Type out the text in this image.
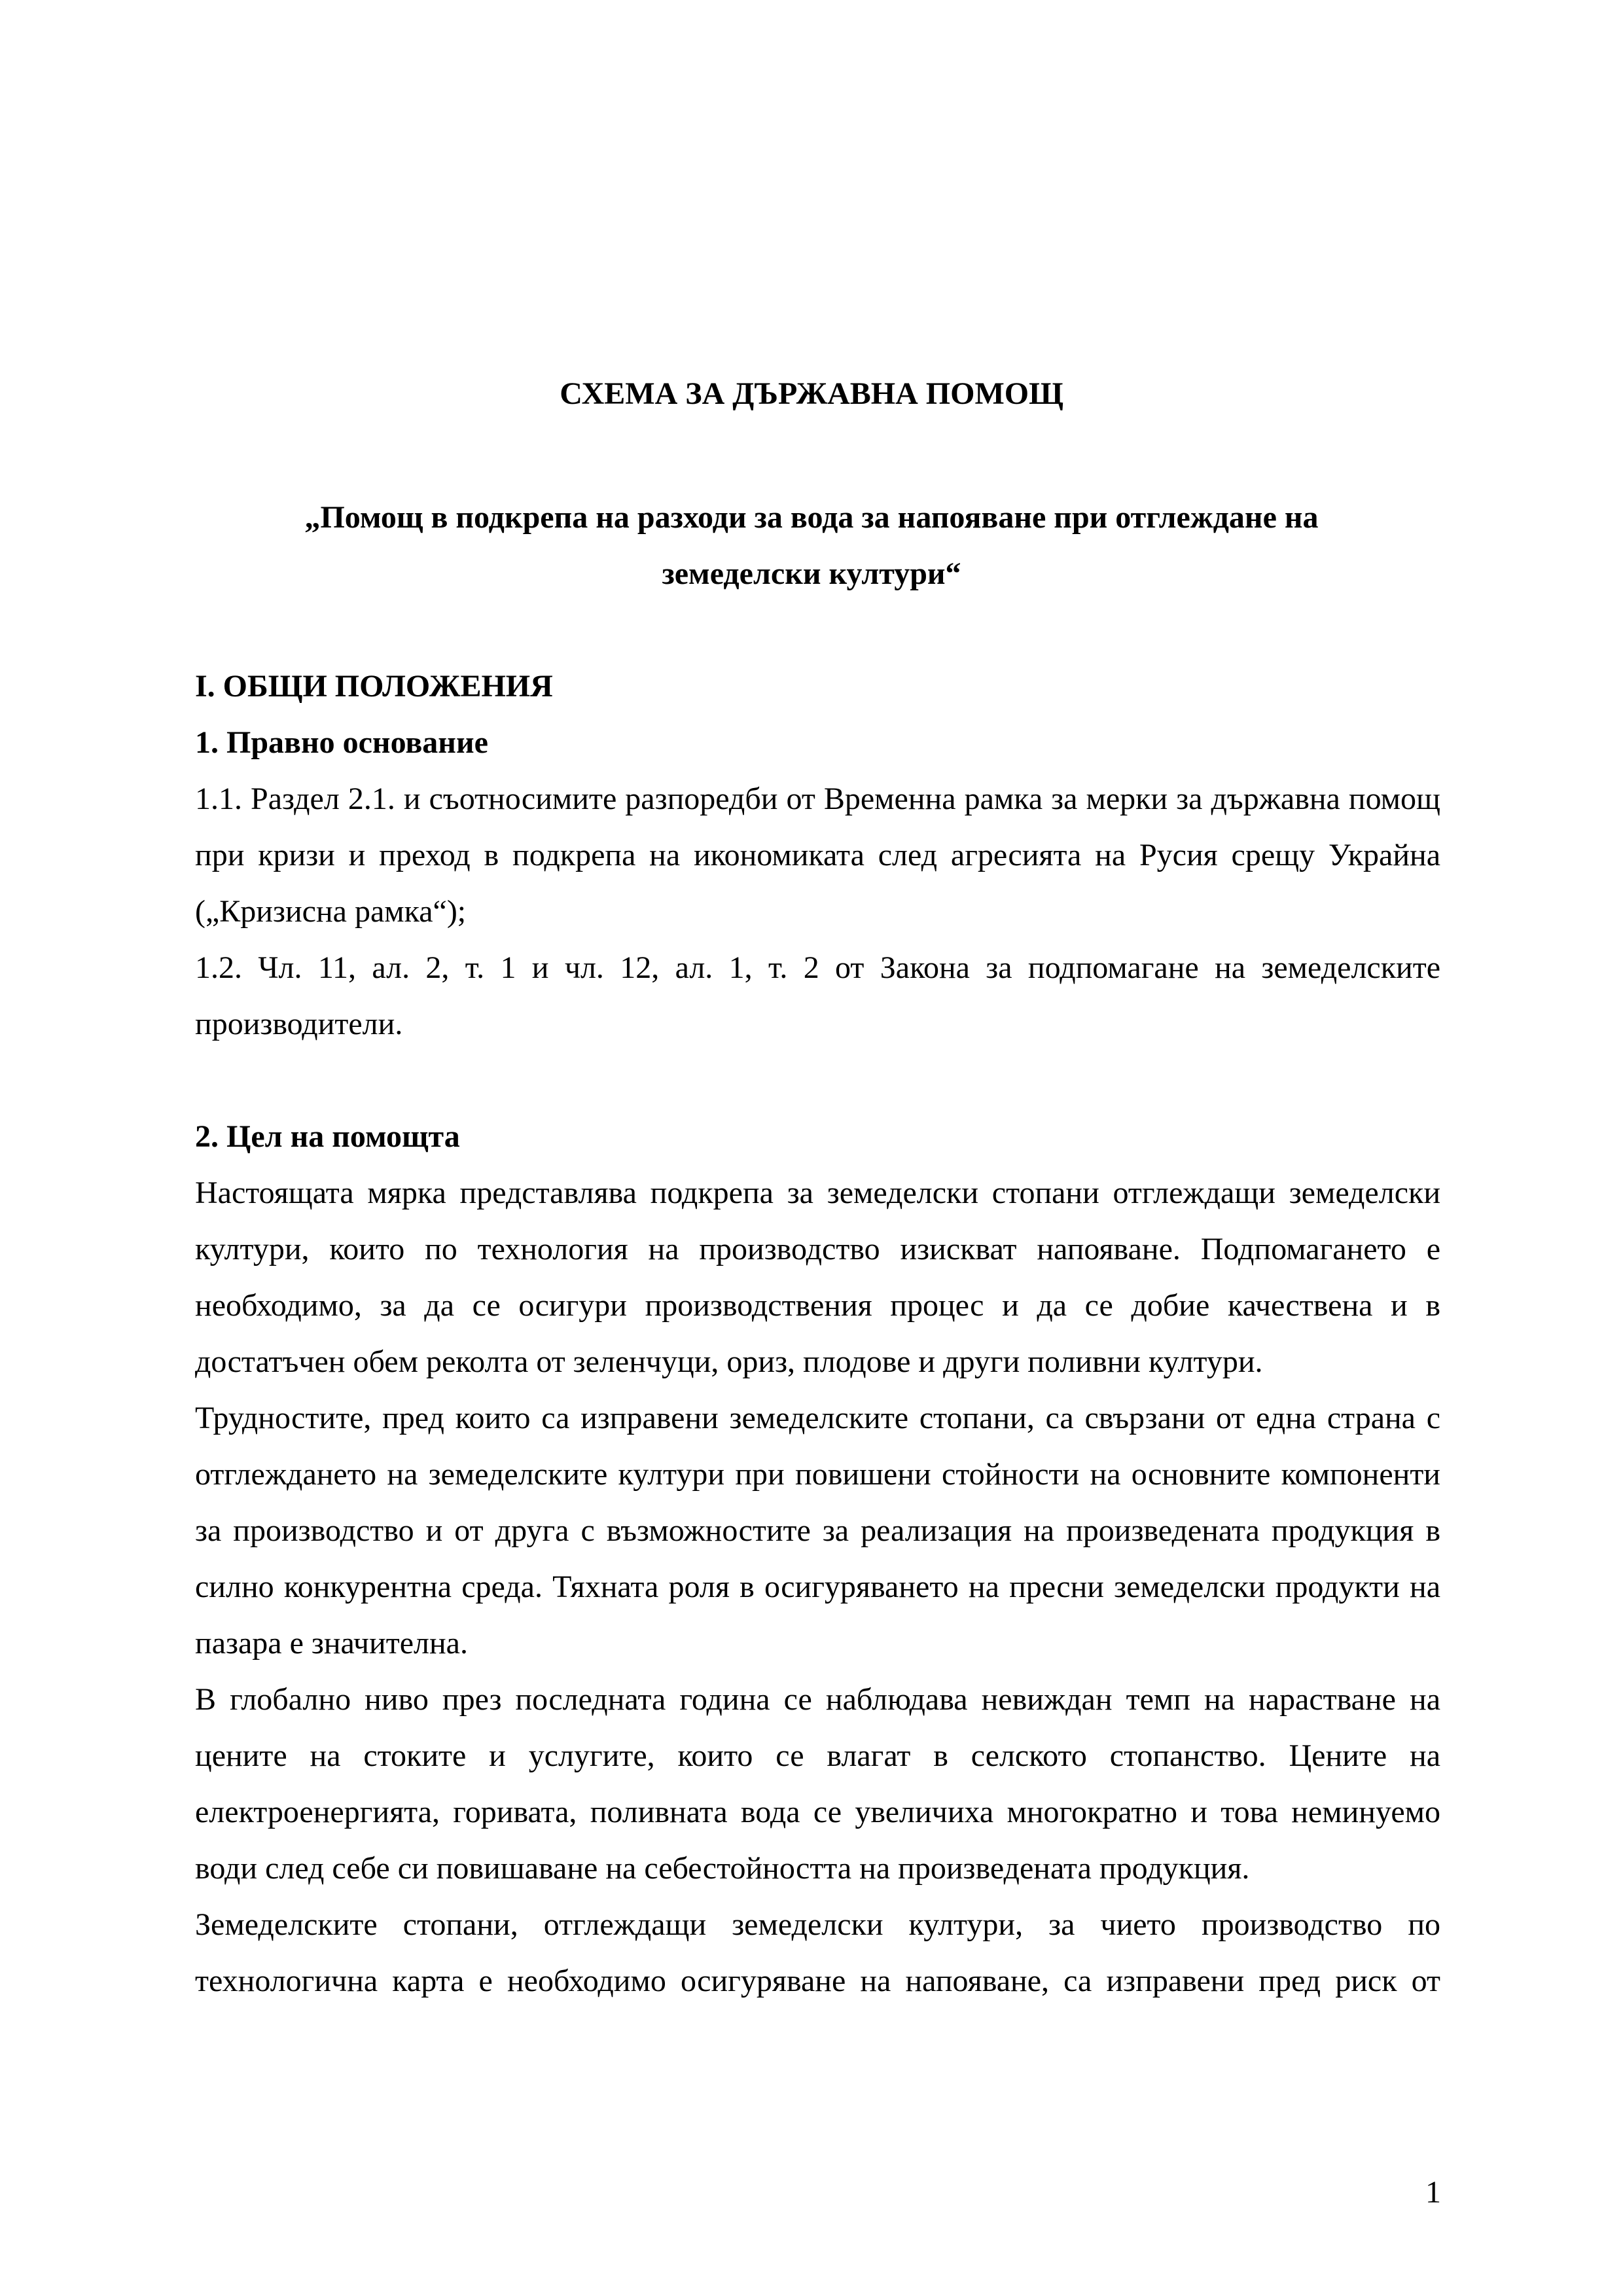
СХЕМА ЗА ДЪРЖАВНА ПОМОЩ
„Помощ в подкрепа на разходи за вода за напояване при отглеждане на земеделски култури“
I. ОБЩИ ПОЛОЖЕНИЯ
1. Правно основание

1.1. Раздел 2.1. и съотносимите разпоредби от Временна рамка за мерки за държавна помощ при кризи и преход в подкрепа на икономиката след агресията на Русия срещу Украйна („Кризисна рамка“);

1.2. Чл. 11, ал. 2, т. 1 и чл. 12, ал. 1, т. 2 от Закона за подпомагане на земеделските производители.

2. Цел на помощта

Настоящата мярка представлява подкрепа за земеделски стопани отглеждащи земеделски култури, които по технология на производство изискват напояване. Подпомагането е необходимо, за да се осигури производствения процес и да се добие качествена и в достатъчен обем реколта от зеленчуци, ориз, плодове и други поливни култури.

Трудностите, пред които са изправени земеделските стопани, са свързани от една страна с отглеждането на земеделските култури при повишени стойности на основните компоненти за производство и от друга с възможностите за реализация на произведената продукция в силно конкурентна среда. Тяхната роля в осигуряването на пресни земеделски продукти на пазара е значителна.

В глобално ниво през последната година се наблюдава невиждан темп на нарастване на цените на стоките и услугите, които се влагат в селското стопанство. Цените на електроенергията, горивата, поливната вода се увеличиха многократно и това неминуемо води след себе си повишаване на себестойността на произведената продукция.

Земеделските стопани, отглеждащи земеделски култури, за чието производство по технологична карта е необходимо осигуряване на напояване, са изправени пред риск от

1
